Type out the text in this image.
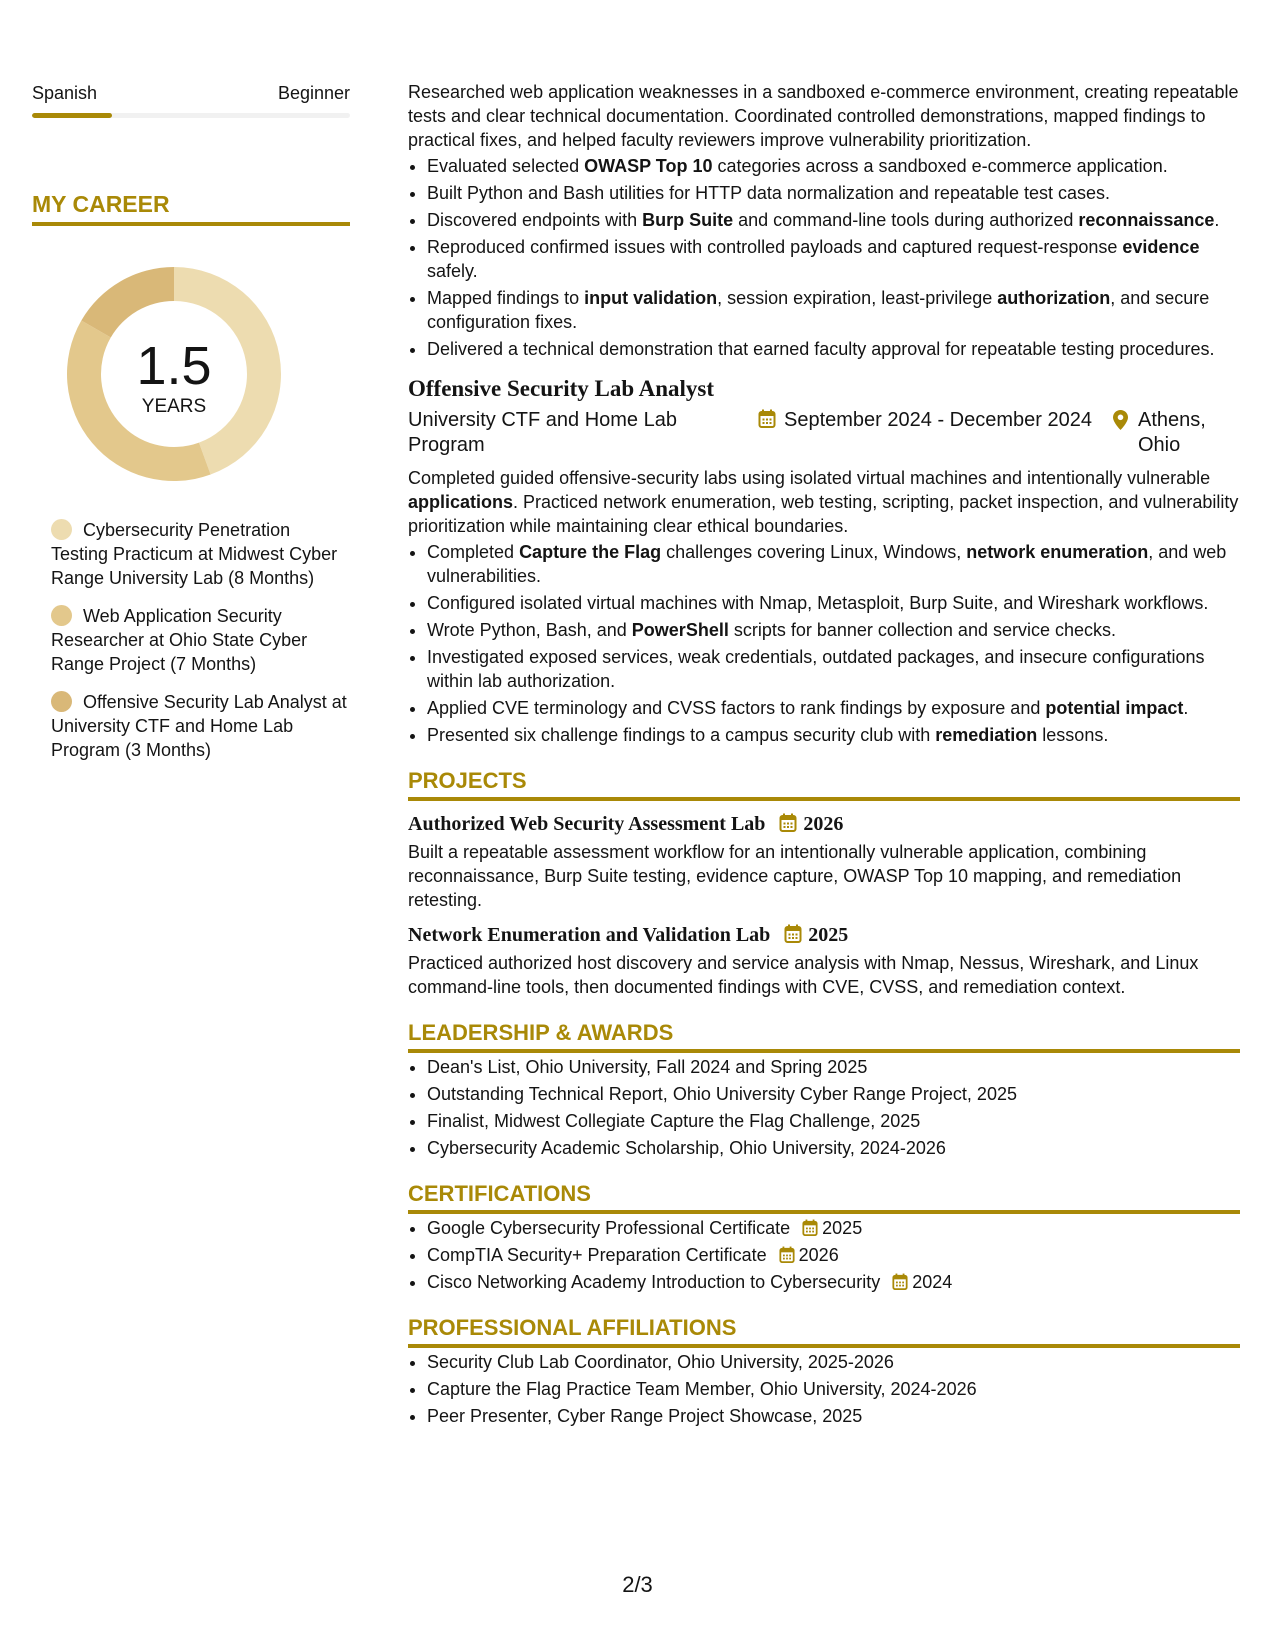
Spanish	Beginner
MY CAREER
1.5
YEARS
Cybersecurity Penetration Testing Practicum at Midwest Cyber Range University Lab (8 Months)
Web Application Security Researcher at Ohio State Cyber Range Project (7 Months)
Offensive Security Lab Analyst at University CTF and Home Lab Program (3 Months)

Researched web application weaknesses in a sandboxed e-commerce environment, creating repeatable tests and clear technical documentation. Coordinated controlled demonstrations, mapped findings to practical fixes, and helped faculty reviewers improve vulnerability prioritization.

• Evaluated selected OWASP Top 10 categories across a sandboxed e-commerce application.
• Built Python and Bash utilities for HTTP data normalization and repeatable test cases.
• Discovered endpoints with Burp Suite and command-line tools during authorized reconnaissance.
• Reproduced confirmed issues with controlled payloads and captured request-response evidence safely.
• Mapped findings to input validation, session expiration, least-privilege authorization, and secure configuration fixes.
• Delivered a technical demonstration that earned faculty approval for repeatable testing procedures.
Offensive Security Lab Analyst
University CTF and Home Lab Program
September 2024 - December 2024	Athens, Ohio

Completed guided offensive-security labs using isolated virtual machines and intentionally vulnerable applications. Practiced network enumeration, web testing, scripting, packet inspection, and vulnerability prioritization while maintaining clear ethical boundaries.

• Completed Capture the Flag challenges covering Linux, Windows, network enumeration, and web vulnerabilities.
• Configured isolated virtual machines with Nmap, Metasploit, Burp Suite, and Wireshark workflows.
• Wrote Python, Bash, and PowerShell scripts for banner collection and service checks.
• Investigated exposed services, weak credentials, outdated packages, and insecure configurations within lab authorization.
• Applied CVE terminology and CVSS factors to rank findings by exposure and potential impact.
• Presented six challenge findings to a campus security club with remediation lessons.
PROJECTS
Authorized Web Security Assessment Lab 2026

Built a repeatable assessment workflow for an intentionally vulnerable application, combining reconnaissance, Burp Suite testing, evidence capture, OWASP Top 10 mapping, and remediation retesting.

Network Enumeration and Validation Lab 2025

Practiced authorized host discovery and service analysis with Nmap, Nessus, Wireshark, and Linux command-line tools, then documented findings with CVE, CVSS, and remediation context.

LEADERSHIP & AWARDS
• Dean's List, Ohio University, Fall 2024 and Spring 2025
• Outstanding Technical Report, Ohio University Cyber Range Project, 2025
• Finalist, Midwest Collegiate Capture the Flag Challenge, 2025
• Cybersecurity Academic Scholarship, Ohio University, 2024-2026
CERTIFICATIONS
• Google Cybersecurity Professional Certificate 2025
• CompTIA Security+ Preparation Certificate 2026
• Cisco Networking Academy Introduction to Cybersecurity 2024
PROFESSIONAL AFFILIATIONS
• Security Club Lab Coordinator, Ohio University, 2025-2026
• Capture the Flag Practice Team Member, Ohio University, 2024-2026
• Peer Presenter, Cyber Range Project Showcase, 2025
2/3
